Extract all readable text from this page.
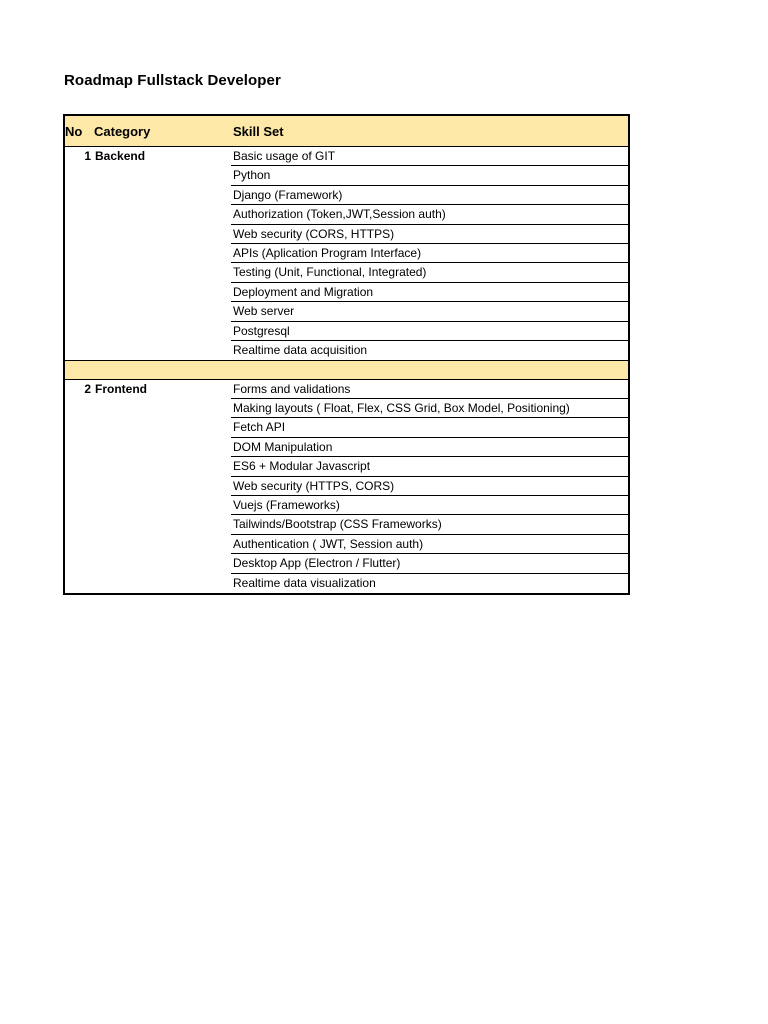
Roadmap Fullstack Developer
No Category	Skill Set
1 Backend	Basic usage of GIT
Python
Django (Framework)
Authorization (Token,JWT,Session auth)
Web security (CORS, HTTPS)
APIs (Aplication Program Interface)
Testing (Unit, Functional, Integrated)
Deployment and Migration
Web server
Postgresql
Realtime data acquisition
2 Frontend	Forms and validations
Making layouts ( Float, Flex, CSS Grid, Box Model, Positioning)
Fetch API
DOM Manipulation
ES6 + Modular Javascript
Web security (HTTPS, CORS)
Vuejs (Frameworks)
Tailwinds/Bootstrap (CSS Frameworks)
Authentication ( JWT, Session auth)
Desktop App (Electron / Flutter)
Realtime data visualization
